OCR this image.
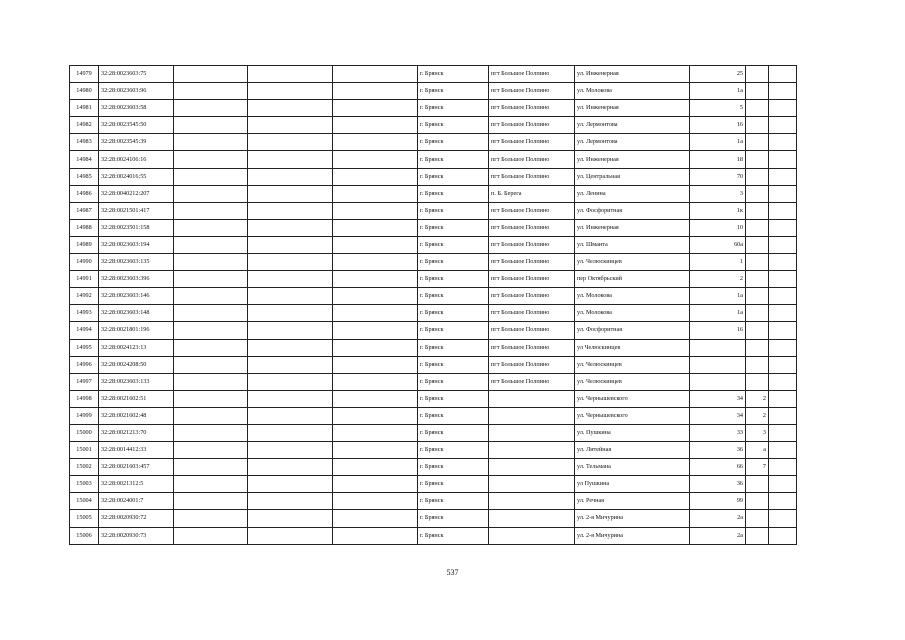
14979	32:28:0023603:75				г. Брянск	пгт Большое Полпино	ул. Инженерная	25		
14980	32:28:0023603:96				г. Брянск	пгт Большое Полпино	ул. Молокова	1а		
14981	32:28:0023603:58				г. Брянск	пгт Большое Полпино	ул. Инженерная	5		
14982	32:28:0023545:50				г. Брянск	пгт Большое Полпино	ул. Лермонтова	16		
14983	32:28:0023545:39				г. Брянск	пгт Большое Полпино	ул. Лермонтова	1а		
14984	32:28:0024106:16				г. Брянск	пгт Большое Полпино	ул. Инженерная	18		
14985	32:28:0024016:55				г. Брянск	пгт Большое Полпино	ул. Центральная	70		
14986	32:28:0040212:207				г. Брянск	п. Б. Берега	ул. Ленина	3		
14987	32:28:0021501:417				г. Брянск	пгт Большое Полпино	ул. Фосфоритная	1к		
14988	32:28:0023501:158				г. Брянск	пгт Большое Полпино	ул. Инженерная	10		
14989	32:28:0023603:194				г. Брянск	пгт Большое Полпино	ул. Шмаита	60а		
14990	32:28:0023603:135				г. Брянск	пгт Большое Полпино	ул. Челюскинцев	1		
14991	32:28:0023603:396				г. Брянск	пгт Большое Полпино	пер Октябрьский	2		
14992	32:28:0023603:146				г. Брянск	пгт Большое Полпино	ул. Молокова	1а		
14993	32:28:0023603:148				г. Брянск	пгт Большое Полпино	ул. Молокова	1а		
14994	32:28:0021801:196				г. Брянск	пгт Большое Полпино	ул. Фосфоритная	16		
14995	32:28:0024123:13				г. Брянск	пгт Большое Полпино	ул Челюскинцев			
14996	32:28:0024208:50				г. Брянск	пгт Большое Полпино	ул. Челюскинцев			
14997	32:28:0023603:133				г. Брянск	пгт Большое Полпино	ул. Челюскинцев			
14998	32:28:0021602:51				г. Брянск		ул. Чернышевского	34	2	
14999	32:28:0021602:48				г. Брянск		ул. Чернышевского	34	2	
15000	32:28:0021213:70				г. Брянск		ул. Пушкина	33	3	
15001	32:28:0014412:33				г. Брянск		ул. Литейная	36	а	
15002	32:28:0021603:457				г. Брянск		ул. Тельмана	66	7	
15003	32:28:0021312:5				г. Брянск		ул Пушкина	36		
15004	32:28:0024001:7				г. Брянск		ул. Речная	99		
15005	32:28:0020930:72				г. Брянск		ул. 2-я Мичурина	2а		
15006	32:28:0020930:73				г. Брянск		ул. 2-я Мичурина	2а		
537
